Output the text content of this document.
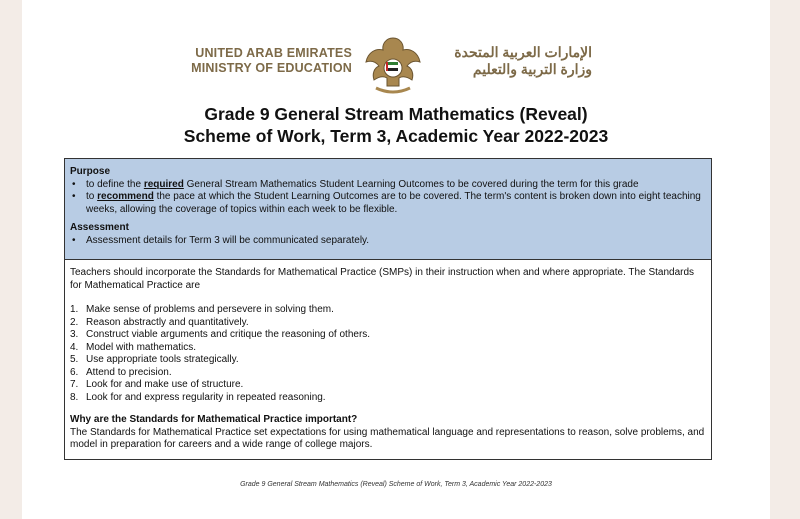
UNITED ARAB EMIRATES
MINISTRY OF EDUCATION
الإمارات العربية المتحدة
وزارة التربية والتعليم
Grade 9 General Stream Mathematics (Reveal)
Scheme of Work, Term 3, Academic Year 2022-2023
Purpose
• to define the required General Stream Mathematics Student Learning Outcomes to be covered during the term for this grade
• to recommend the pace at which the Student Learning Outcomes are to be covered. The term's content is broken down into eight teaching weeks, allowing the coverage of topics within each week to be flexible.
Assessment
• Assessment details for Term 3 will be communicated separately.
Teachers should incorporate the Standards for Mathematical Practice (SMPs) in their instruction when and where appropriate. The Standards for Mathematical Practice are
1. Make sense of problems and persevere in solving them.
2. Reason abstractly and quantitatively.
3. Construct viable arguments and critique the reasoning of others.
4. Model with mathematics.
5. Use appropriate tools strategically.
6. Attend to precision.
7. Look for and make use of structure.
8. Look for and express regularity in repeated reasoning.
Why are the Standards for Mathematical Practice important?
The Standards for Mathematical Practice set expectations for using mathematical language and representations to reason, solve problems, and model in preparation for careers and a wide range of college majors.
Grade 9 General Stream Mathematics (Reveal) Scheme of Work, Term 3, Academic Year 2022-2023
